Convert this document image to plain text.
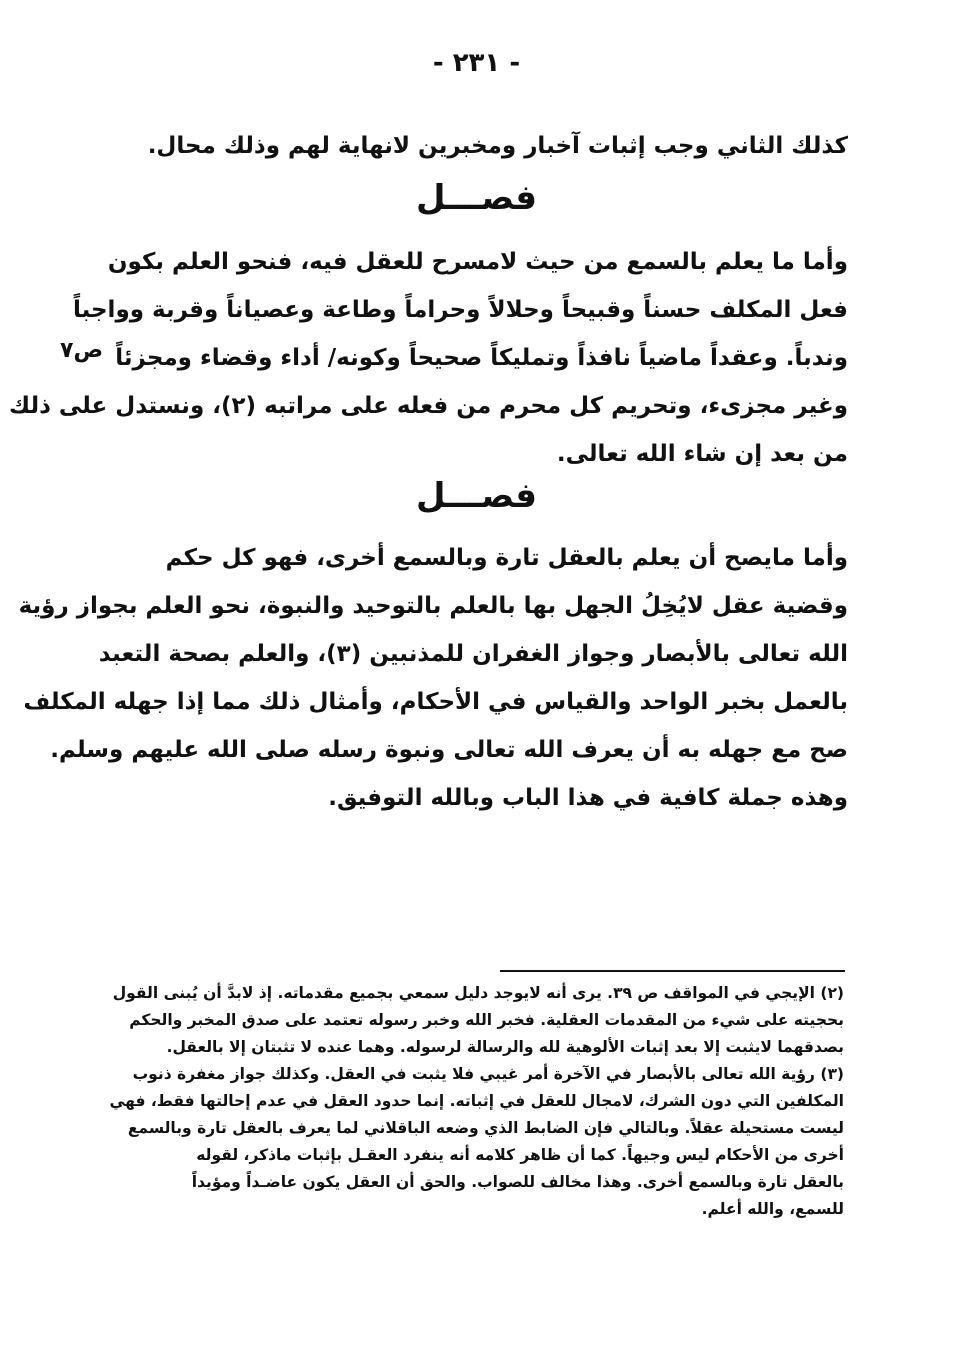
- ٢٣١ -
كذلك الثاني وجب إثبات آخبار ومخبرين لانهاية لهم وذلك محال.
فصـــل
وأما ما يعلم بالسمع من حيث لامسرح للعقل فيه، فنحو العلم بكون
فعل المكلف حسناً وقبيحاً وحلالاً وحراماً وطاعة وعصياناً وقربة وواجباً
وندباً. وعقداً ماضياً نافذاً وتمليكاً صحيحاً وكونه/ أداء وقضاء ومجزئاً
وغير مجزىء، وتحريم كل محرم من فعله على مراتبه (٢)، ونستدل على ذلك
من بعد إن شاء الله تعالى.
ص٧
فصـــل
وأما مايصح أن يعلم بالعقل تارة وبالسمع أخرى، فهو كل حكم
وقضية عقل لايُخِلُ الجهل بها بالعلم بالتوحيد والنبوة، نحو العلم بجواز رؤية
الله تعالى بالأبصار وجواز الغفران للمذنبين (٣)، والعلم بصحة التعبد
بالعمل بخبر الواحد والقياس في الأحكام، وأمثال ذلك مما إذا جهله المكلف
صح مع جهله به أن يعرف الله تعالى ونبوة رسله صلى الله عليهم وسلم.
وهذه جملة كافية في هذا الباب وبالله التوفيق.
(٢) الإيجي في المواقف ص ٣٩. يرى أنه لايوجد دليل سمعي بجميع مقدماته. إذ لابدَّ أن يُبنى القول
بحجيته على شيء من المقدمات العقلية. فخبر الله وخبر رسوله تعتمد على صدق المخبر والحكم
بصدقهما لايثبت إلا بعد إثبات الألوهية لله والرسالة لرسوله. وهما عنده لا تثبتان إلا بالعقل.
(٣) رؤية الله تعالى بالأبصار في الآخرة أمر غيبي فلا يثبت في العقل. وكذلك جواز مغفرة ذنوب
المكلفين التي دون الشرك، لامجال للعقل في إثباته. إنما حدود العقل في عدم إحالتها فقط، فهي
ليست مستحيلة عقلاً. وبالتالي فإن الضابط الذي وضعه الباقلاني لما يعرف بالعقل تارة وبالسمع
أخرى من الأحكام ليس وجيهاً. كما أن ظاهر كلامه أنه ينفرد العقـل بإثبات ماذكر، لقوله
بالعقل تارة وبالسمع أخرى. وهذا مخالف للصواب. والحق أن العقل يكون عاضـداً ومؤيداً
للسمع، والله أعلم.
